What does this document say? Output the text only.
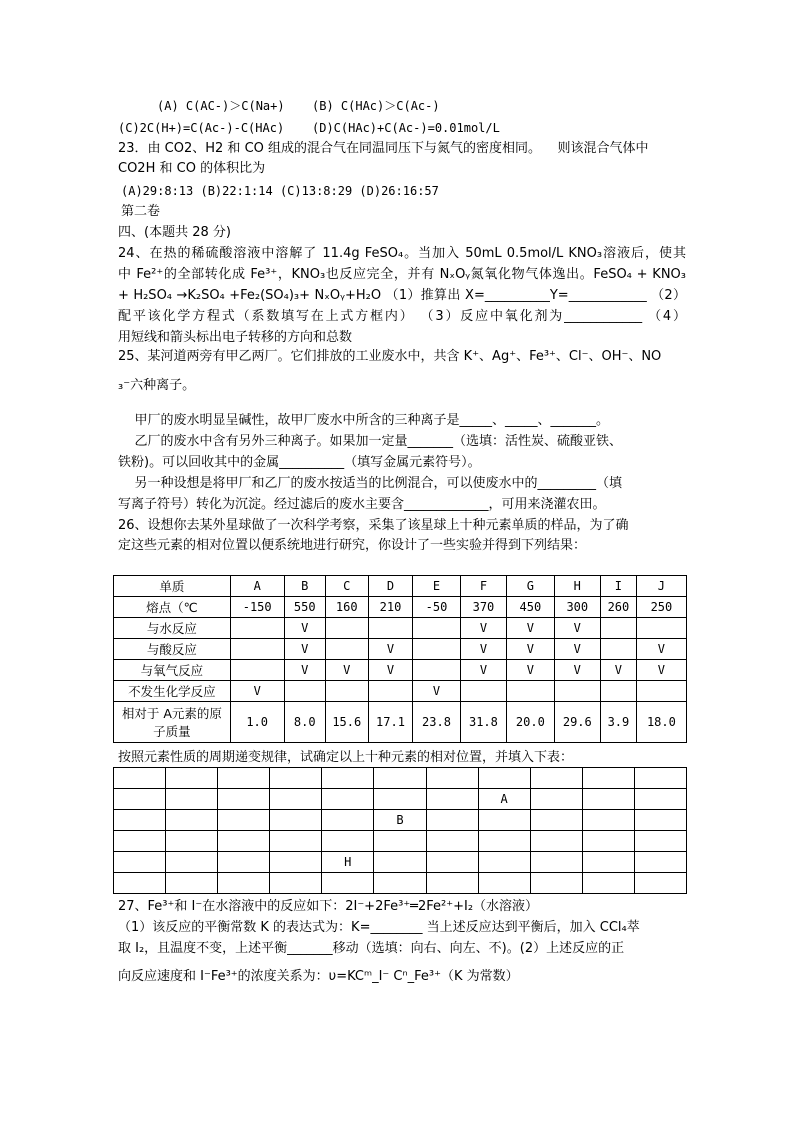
(A) C(AC-)＞C(Na+) (B) C(HAc)＞C(Ac-)
(C)2C(H+)=C(Ac-)-C(HAc) (D)C(HAc)+C(Ac-)=0.01mol/L
23．由 CO2、H2 和 CO 组成的混合气在同温同压下与氮气的密度相同。    则该混合气体中
CO2H 和 CO 的体积比为
(A)29:8:13 (B)22:1:14 (C)13:8:29 (D)26:16:57
第二卷
四、(本题共 28 分)
24、在热的稀硫酸溶液中溶解了 11.4g FeSO₄。当加入 50mL 0.5mol/L KNO₃溶液后，使其
中 Fe²⁺的全部转化成 Fe³⁺，KNO₃也反应完全，并有 NₓOᵧ氮氧化物气体逸出。FeSO₄ + KNO₃
+ H₂SO₄ →K₂SO₄ +Fe₂(SO₄)₃+ NₓOᵧ+H₂O （1）推算出 X=__________Y=____________ （2）
配平该化学方程式（系数填写在上式方框内） （3）反应中氧化剂为____________ （4）
用短线和箭头标出电子转移的方向和总数
25、某河道两旁有甲乙两厂。它们排放的工业废水中，共含 K⁺、Ag⁺、Fe³⁺、Cl⁻、OH⁻、NO
₃⁻六种离子。
甲厂的废水明显呈碱性，故甲厂废水中所含的三种离子是_____、_____、_______。
乙厂的废水中含有另外三种离子。如果加一定量_______（选填：活性炭、硫酸亚铁、
铁粉)。可以回收其中的金属__________（填写金属元素符号）。
另一种设想是将甲厂和乙厂的废水按适当的比例混合，可以使废水中的_________（填
写离子符号）转化为沉淀。经过滤后的废水主要含_____________，可用来浇灌农田。
26、设想你去某外星球做了一次科学考察，采集了该星球上十种元素单质的样品，为了确
定这些元素的相对位置以便系统地进行研究，你设计了一些实验并得到下列结果：
单质	A	B	C	D	E	F	G	H	I	J
熔点（℃	-150	550	160	210	-50	370	450	300	260	250
与水反应		V				V	V	V		
与酸反应		V		V		V	V	V		V
与氧气反应		V	V	V		V	V	V	V	V
不发生化学反应	V				V					
相对于 A元素的原子质量	1.0	8.0	15.6	17.1	23.8	31.8	20.0	29.6	3.9	18.0
按照元素性质的周期递变规律，试确定以上十种元素的相对位置，并填入下表：

							A			
					B					

				H						

27、Fe³⁺和 I⁻在水溶液中的反应如下：2I⁻+2Fe³⁺═2Fe²⁺+I₂（水溶液）
（1）该反应的平衡常数 K 的表达式为：K=________ 当上述反应达到平衡后，加入 CCl₄萃
取 I₂，且温度不变，上述平衡_______移动（选填：向右、向左、不)。(2）上述反应的正
向反应速度和 I⁻Fe³⁺的浓度关系为：υ=KCᵐ_I⁻ Cⁿ_Fe³⁺（K 为常数）
